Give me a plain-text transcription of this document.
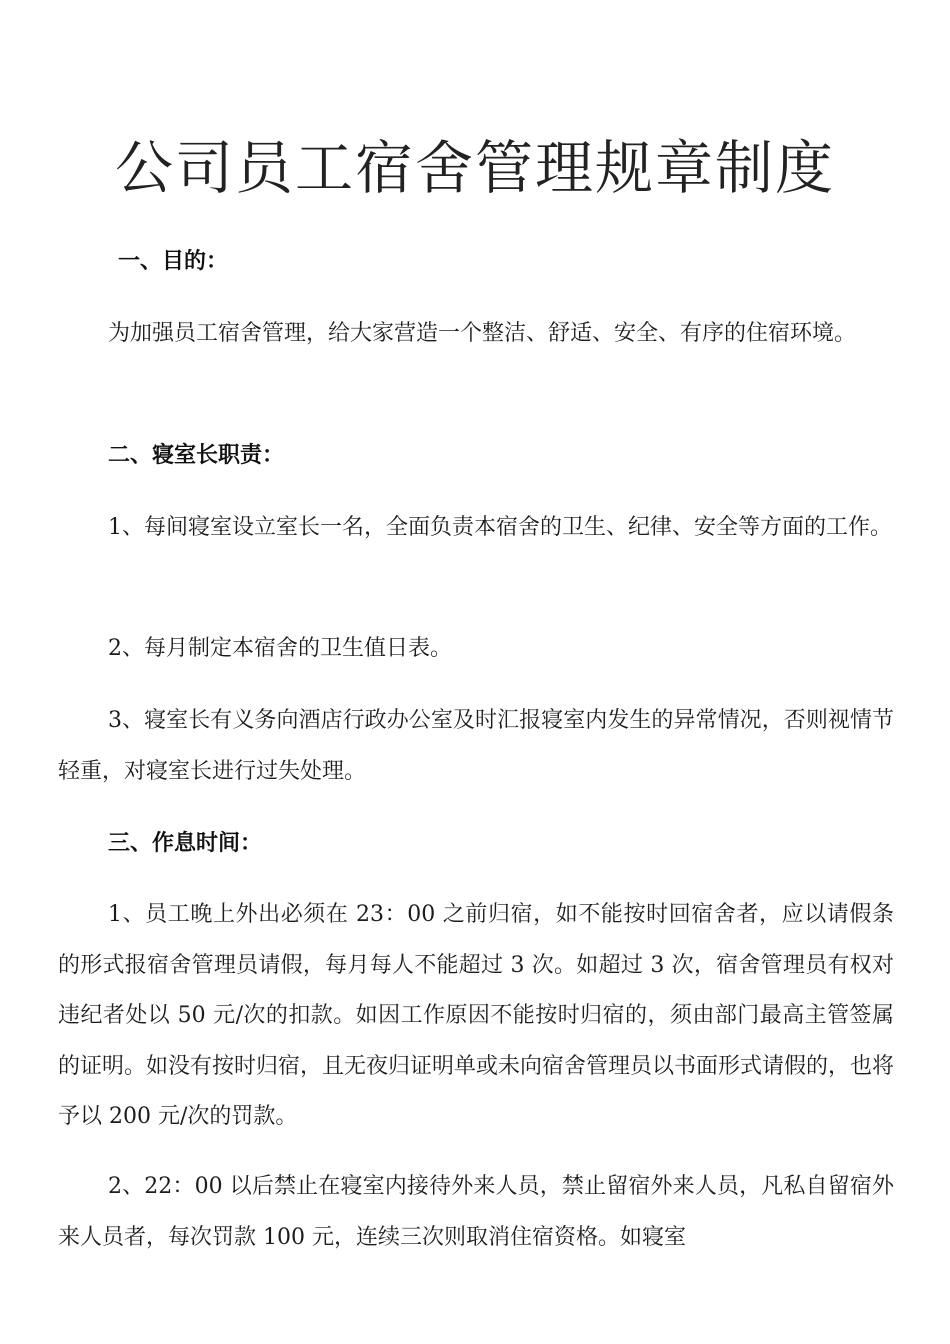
公司员工宿舍管理规章制度
一、目的：
为加强员工宿舍管理，给大家营造一个整洁、舒适、安全、有序的住宿环境。
二、寝室长职责：
1、每间寝室设立室长一名，全面负责本宿舍的卫生、纪律、安全等方面的工作。
2、每月制定本宿舍的卫生值日表。
3、寝室长有义务向酒店行政办公室及时汇报寝室内发生的异常情况，否则视情节轻重，对寝室长进行过失处理。
三、作息时间：
1、员工晚上外出必须在 23：00 之前归宿，如不能按时回宿舍者，应以请假条的形式报宿舍管理员请假，每月每人不能超过 3 次。如超过 3 次，宿舍管理员有权对违纪者处以 50 元/次的扣款。如因工作原因不能按时归宿的，须由部门最高主管签属的证明。如没有按时归宿，且无夜归证明单或未向宿舍管理员以书面形式请假的，也将予以 200 元/次的罚款。
2、22：00 以后禁止在寝室内接待外来人员，禁止留宿外来人员，凡私自留宿外来人员者，每次罚款 100 元，连续三次则取消住宿资格。如寝室
